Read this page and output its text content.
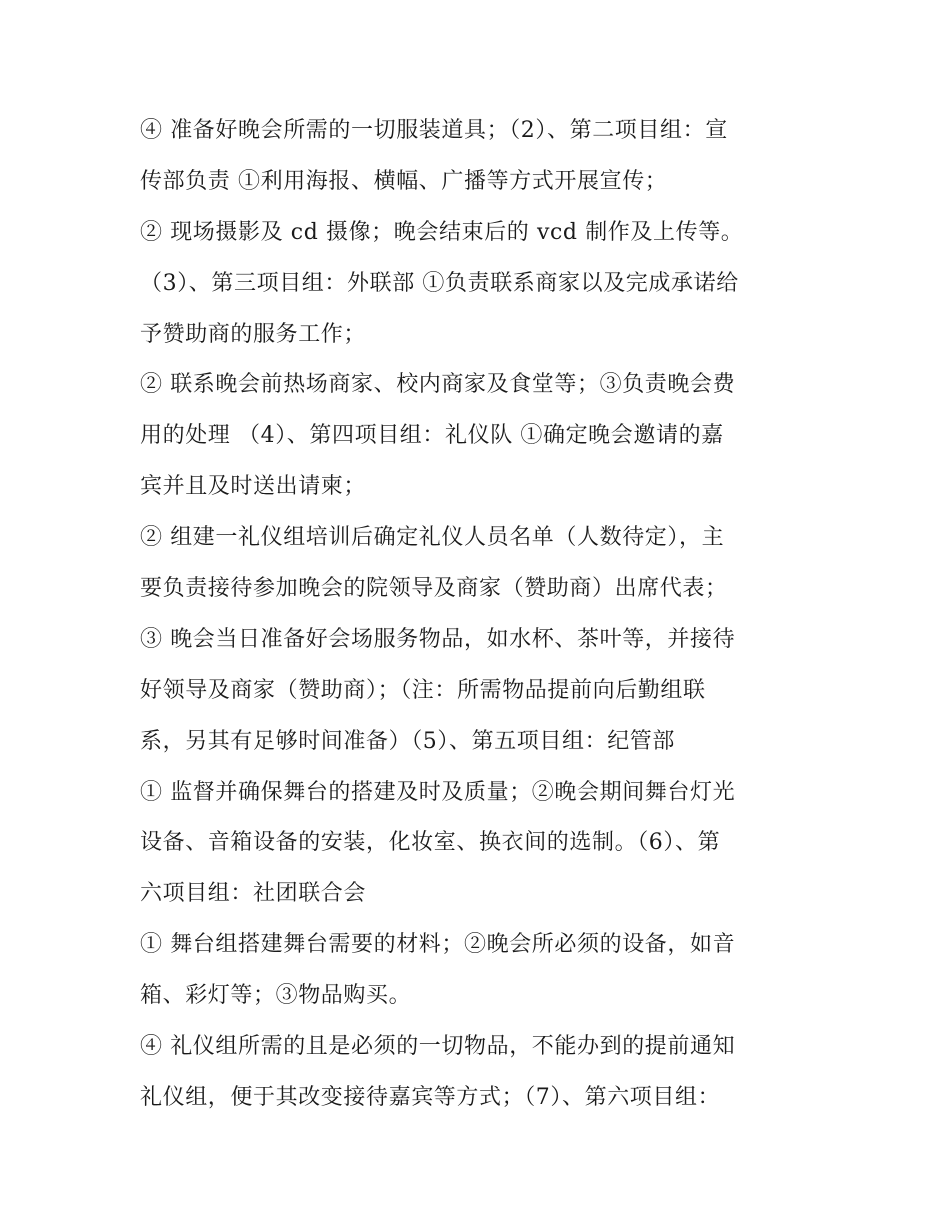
④ 准备好晚会所需的一切服装道具；（2）、第二项目组：宣
传部负责 ①利用海报、横幅、广播等方式开展宣传；
② 现场摄影及 cd 摄像；晚会结束后的 vcd 制作及上传等。
（3）、第三项目组：外联部 ①负责联系商家以及完成承诺给
予赞助商的服务工作；
② 联系晚会前热场商家、校内商家及食堂等；③负责晚会费
用的处理 （4）、第四项目组：礼仪队 ①确定晚会邀请的嘉
宾并且及时送出请柬；
② 组建一礼仪组培训后确定礼仪人员名单（人数待定），主
要负责接待参加晚会的院领导及商家（赞助商）出席代表；
③ 晚会当日准备好会场服务物品，如水杯、茶叶等，并接待
好领导及商家（赞助商）；（注：所需物品提前向后勤组联
系，另其有足够时间准备）（5）、第五项目组：纪管部
① 监督并确保舞台的搭建及时及质量；②晚会期间舞台灯光
设备、音箱设备的安装，化妆室、换衣间的选制。（6）、第
六项目组：社团联合会
① 舞台组搭建舞台需要的材料；②晚会所必须的设备，如音
箱、彩灯等；③物品购买。
④ 礼仪组所需的且是必须的一切物品，不能办到的提前通知
礼仪组，便于其改变接待嘉宾等方式；（7）、第六项目组：
